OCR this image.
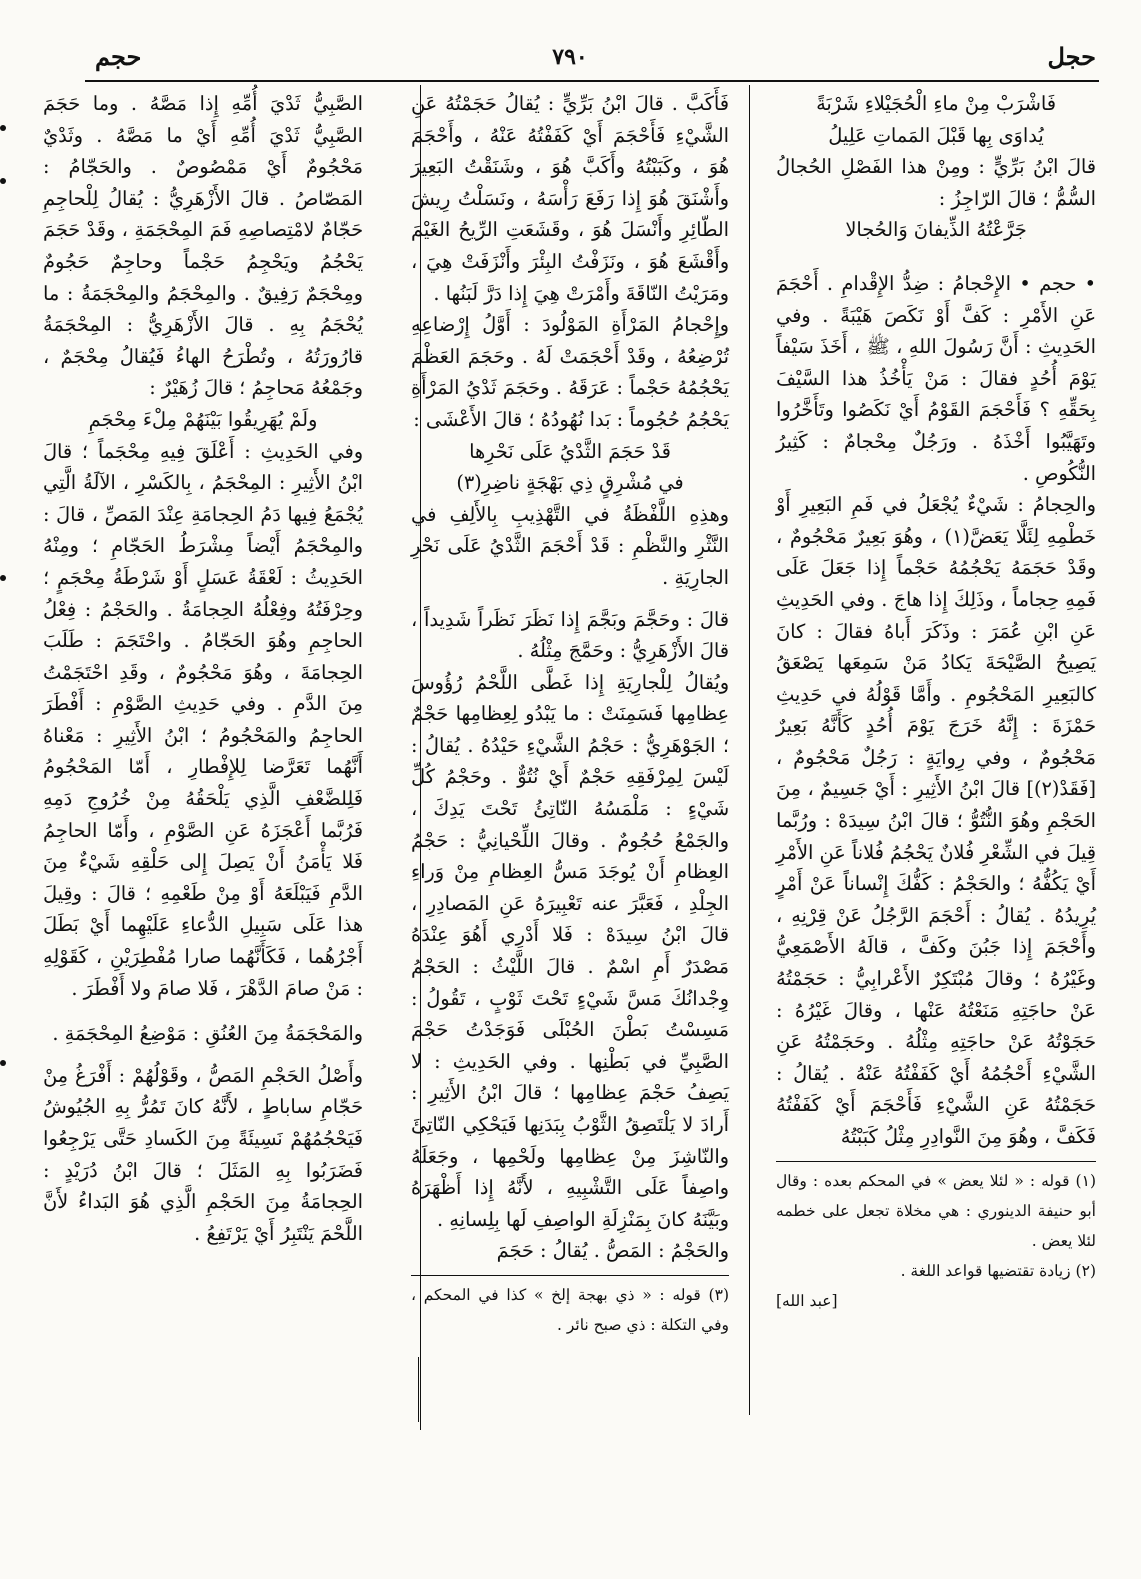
حجل
٧٩٠
حجم

فَاشْرَبْ مِنْ ماءِ الْحُجَيْلاءِ شَرْبَةً

يُداوَى بِها قَبْلَ المَماتِ عَلِيلُ

قالَ ابْنُ بَرِّيٍّ : ومِنْ هذا الفَصْلِ الحُجالُ السُّمُّ ؛ قالَ الرّاجِزُ :

جَرَّعْتُهُ الذِّيفانَ وَالحُجالا

• حجم • الإِحْجامُ : ضِدُّ الإِقْدامِ . أَحْجَمَ عَنِ الأَمْرِ : كَفَّ أَوْ نَكَصَ هَيْبَةً . وفي الحَدِيثِ : أَنَّ رَسُولَ اللهِ ، ﷺ ، أَخَذَ سَيْفاً يَوْمَ أُحُدٍ فقالَ : مَنْ يَأْخُذُ هذا السَّيْفَ بِحَقِّهِ ؟ فَأَحْجَمَ القَوْمُ أَيْ نَكَصُوا وتَأَخَّرُوا وتَهَيَّبُوا أَخْذَهُ . ورَجُلٌ مِحْجامٌ : كَثِيرُ النُّكُوصِ .

والحِجامُ : شَيْءٌ يُجْعَلُ في فَمِ البَعِيرِ أَوْ خَطْمِهِ لِئَلَّا يَعَضَّ(١) ، وهُوَ بَعِيرٌ مَحْجُومٌ ، وقَدْ حَجَمَهُ يَحْجُمُهُ حَجْماً إِذا جَعَلَ عَلَى فَمِهِ حِجاماً ، وذَلِكَ إِذا هاجَ . وفي الحَدِيثِ عَنِ ابْنِ عُمَرَ : وذَكَرَ أَباهُ فقالَ : كانَ يَصِيحُ الصَّيْحَةَ يَكادُ مَنْ سَمِعَها يَصْعَقُ كالبَعِيرِ المَحْجُومِ . وأَمَّا قَوْلُهُ في حَدِيثِ حَمْزَةَ : إِنَّهُ خَرَجَ يَوْمَ أُحُدٍ كَأَنَّهُ بَعِيرٌ مَحْجُومٌ ، وفي رِوايَةٍ : رَجُلٌ مَحْجُومٌ ، [فَقَدْ(٢)] قالَ ابْنُ الأَثِيرِ : أَيْ جَسِيمٌ ، مِنَ الحَجْمِ وهُوَ النُّتُوُّ ؛ قالَ ابْنُ سِيدَهْ : ورُبَّما قِيلَ في الشِّعْرِ فُلانٌ يَحْجُمُ فُلاناً عَنِ الأَمْرِ أَيْ يَكُفُّهُ ؛ والحَجْمُ : كَفُّكَ إِنْساناً عَنْ أَمْرٍ يُرِيدُهُ . يُقالُ : أَحْجَمَ الرَّجُلُ عَنْ قِرْنِهِ ، وأَحْجَمَ إِذا جَبُنَ وكَفَّ ، قالَهُ الأَصْمَعِيُّ وغَيْرُهُ ؛ وقالَ مُبْتَكِرٌ الأَعْرابِيُّ : حَجَمْتُهُ عَنْ حاجَتِهِ مَنَعْتُهُ عَنْها ، وقالَ غَيْرُهُ : حَجَوْتُهُ عَنْ حاجَتِهِ مِثْلُهُ . وحَجَمْتُهُ عَنِ الشَّيْءِ أَحْجُمُهُ أَيْ كَفَفْتُهُ عَنْهُ . يُقالُ : حَجَمْتُهُ عَنِ الشَّيْءِ فَأَحْجَمَ أَيْ كَفَفْتُهُ فَكَفَّ ، وهُوَ مِنَ النَّوادِرِ مِثْلُ كَبَبْتُهُ

(١) قوله : « لئلا يعض » في المحكم بعده : وقال أبو حنيفة الدينوري : هي مخلاة تجعل على خطمه لئلا يعض .

(٢) زيادة تقتضيها قواعد اللغة .

[عبد الله]

فَأَكَبَّ . قالَ ابْنُ بَرِّيٍّ : يُقالُ حَجَمْتُهُ عَنِ الشَّيْءِ فَأَحْجَمَ أَيْ كَفَفْتُهُ عَنْهُ ، وأَحْجَمَ هُوَ ، وكَبَبْتُهُ وأَكَبَّ هُوَ ، وشَنَقْتُ البَعِيرَ وأَشْنَقَ هُوَ إِذا رَفَعَ رَأْسَهُ ، ونَسَلْتُ رِيشَ الطّائِرِ وأَنْسَلَ هُوَ ، وقَشَعَتِ الرِّيحُ الغَيْمَ وأَقْشَعَ هُوَ ، ونَزَفْتُ البِئْرَ وأَنْزَفَتْ هِيَ ، ومَرَيْتُ النّاقَةَ وأَمْرَتْ هِيَ إِذا دَرَّ لَبَنُها .

وإِحْجامُ المَرْأَةِ المَوْلُودَ : أَوَّلُ إِرْضاعِهِ تُرْضِعُهُ ، وقَدْ أَحْجَمَتْ لَهُ . وحَجَمَ العَظْمَ يَحْجُمُهُ حَجْماً : عَرَقَهُ . وحَجَمَ ثَدْيُ المَرْأَةِ يَحْجُمُ حُجُوماً : بَدا نُهُودُهُ ؛ قالَ الأَعْشَى :

قَدْ حَجَمَ الثَّدْيُ عَلَى نَحْرِها

في مُشْرِقٍ ذِي بَهْجَةٍ ناضِرِ(٣)

وهذِهِ اللَّفْظَةُ في التَّهْذِيبِ بِالأَلِفِ في النَّثْرِ والنَّظْمِ : قَدْ أَحْجَمَ الثَّدْيُ عَلَى نَحْرِ الجارِيَةِ .

قالَ : وحَجَّمَ وبَجَّمَ إِذا نَظَرَ نَظَراً شَدِيداً ، قالَ الأَزْهَرِيُّ : وحَمَّجَ مِثْلُهُ .

ويُقالُ لِلْجارِيَةِ إِذا غَطَّى اللَّحْمُ رُؤُوسَ عِظامِها فَسَمِنَتْ : ما يَبْدُو لِعِظامِها حَجْمٌ ؛ الجَوْهَرِيُّ : حَجْمُ الشَّيْءِ حَيْدُهُ . يُقالُ : لَيْسَ لِمِرْفَقِهِ حَجْمٌ أَيْ نُتُوٌّ . وحَجْمُ كُلِّ شَيْءٍ : مَلْمَسُهُ النّاتِئُ تَحْتَ يَدِكَ ، والجَمْعُ حُجُومٌ . وقالَ اللِّحْيانِيُّ : حَجْمُ العِظامِ أَنْ يُوجَدَ مَسُّ العِظامِ مِنْ وَراءِ الجِلْدِ ، فَعَبَّرَ عنه تَعْبِيرَهُ عَنِ المَصادِرِ ، قالَ ابْنُ سِيدَهْ : فَلا أَدْرِي أَهُوَ عِنْدَهُ مَصْدَرٌ أَمِ اسْمٌ . قالَ اللَّيْثُ : الحَجْمُ وِجْدانُكَ مَسَّ شَيْءٍ تَحْتَ ثَوْبٍ ، تَقُولُ : مَسِسْتُ بَطْنَ الحُبْلَى فَوَجَدْتُ حَجْمَ الصَّبِيِّ في بَطْنِها . وفي الحَدِيثِ : لا يَصِفُ حَجْمَ عِظامِها ؛ قالَ ابْنُ الأَثِيرِ : أَرادَ لا يَلْتَصِقُ الثَّوْبُ بِبَدَنِها فَيَحْكِي النّاتِئَ والنّاشِزَ مِنْ عِظامِها ولَحْمِها ، وجَعَلَهُ واصِفاً عَلَى التَّشْبِيهِ ، لأَنَّهُ إِذا أَظْهَرَهُ وبَيَّنَهُ كانَ بِمَنْزِلَةِ الواصِفِ لَها بِلِسانِهِ .

والحَجْمُ : المَصُّ . يُقالُ : حَجَمَ

(٣) قوله : « ذي بهجة إلخ » كذا في المحكم ، وفي التكلة : ذي صبح نائر .

الصَّبِيُّ ثَدْيَ أُمِّهِ إِذا مَصَّهُ . وما حَجَمَ الصَّبِيُّ ثَدْيَ أُمِّهِ أَيْ ما مَصَّهُ . وثَدْيٌ مَحْجُومٌ أَيْ مَمْصُوصٌ . والحَجّامُ : المَصّاصُ . قالَ الأَزْهَرِيُّ : يُقالُ لِلْحاجِمِ حَجّامٌ لامْتِصاصِهِ فَمَ المِحْجَمَةِ ، وقَدْ حَجَمَ يَحْجُمُ ويَحْجِمُ حَجْماً وحاجِمٌ حَجُومٌ ومِحْجَمٌ رَفِيقٌ . والمِحْجَمُ والمِحْجَمَةُ : ما يُحْجَمُ بِهِ . قالَ الأَزْهَرِيُّ : المِحْجَمَةُ قارُورَتُهُ ، وتُطْرَحُ الهاءُ فَيُقالُ مِحْجَمٌ ، وجَمْعُهُ مَحاجِمُ ؛ قالَ زُهَيْرٌ :

ولَمْ يُهَرِيقُوا بَيْنَهُمْ مِلْءَ مِحْجَمِ

وفي الحَدِيثِ : أَعْلَقَ فِيهِ مِحْجَماً ؛ قالَ ابْنُ الأَثِيرِ : المِحْجَمُ ، بِالكَسْرِ ، الآلَةُ الَّتِي يُجْمَعُ فِيها دَمُ الحِجامَةِ عِنْدَ المَصِّ ، قالَ : والمِحْجَمُ أَيْضاً مِشْرَطُ الحَجّامِ ؛ ومِنْهُ الحَدِيثُ : لَعْقَةُ عَسَلٍ أَوْ شَرْطَةُ مِحْجَمٍ ؛ وحِرْفَتُهُ وفِعْلُهُ الحِجامَةُ . والحَجْمُ : فِعْلُ الحاجِمِ وهُوَ الحَجّامُ . واحْتَجَمَ : طَلَبَ الحِجامَةَ ، وهُوَ مَحْجُومٌ ، وقَدِ احْتَجَمْتُ مِنَ الدَّمِ . وفي حَدِيثِ الصَّوْمِ : أَفْطَرَ الحاجِمُ والمَحْجُومُ ؛ ابْنُ الأَثِيرِ : مَعْناهُ أَنَّهُما تَعَرَّضا لِلإِفْطارِ ، أَمّا المَحْجُومُ فَلِلضَّعْفِ الَّذِي يَلْحَقُهُ مِنْ خُرُوجِ دَمِهِ فَرُبَّما أَعْجَزَهُ عَنِ الصَّوْمِ ، وأَمّا الحاجِمُ فَلا يَأْمَنُ أَنْ يَصِلَ إِلى حَلْقِهِ شَيْءٌ مِنَ الدَّمِ فَيَبْلَعَهُ أَوْ مِنْ طَعْمِهِ ؛ قالَ : وقِيلَ هذا عَلَى سَبِيلِ الدُّعاءِ عَلَيْهِما أَيْ بَطَلَ أَجْرُهُما ، فَكَأَنَّهُما صارا مُفْطِرَيْنِ ، كَقَوْلِهِ : مَنْ صامَ الدَّهْرَ ، فَلا صامَ ولا أَفْطَرَ .

والمَحْجَمَةُ مِنَ العُنُقِ : مَوْضِعُ المِحْجَمَةِ .

وأَصْلُ الحَجْمِ المَصُّ ، وقَوْلُهُمْ : أَفْرَغُ مِنْ حَجّامِ ساباطٍ ، لأَنَّهُ كانَ تَمُرُّ بِهِ الجُيُوشُ فَيَحْجُمُهُمْ نَسِيئَةً مِنَ الكَسادِ حَتَّى يَرْجِعُوا فَضَرَبُوا بِهِ المَثَلَ ؛ قالَ ابْنُ دُرَيْدٍ : الحِجامَةُ مِنَ الحَجْمِ الَّذِي هُوَ البَداءُ لأَنَّ اللَّحْمَ يَنْتَبِرُ أَيْ يَرْتَفِعُ .
